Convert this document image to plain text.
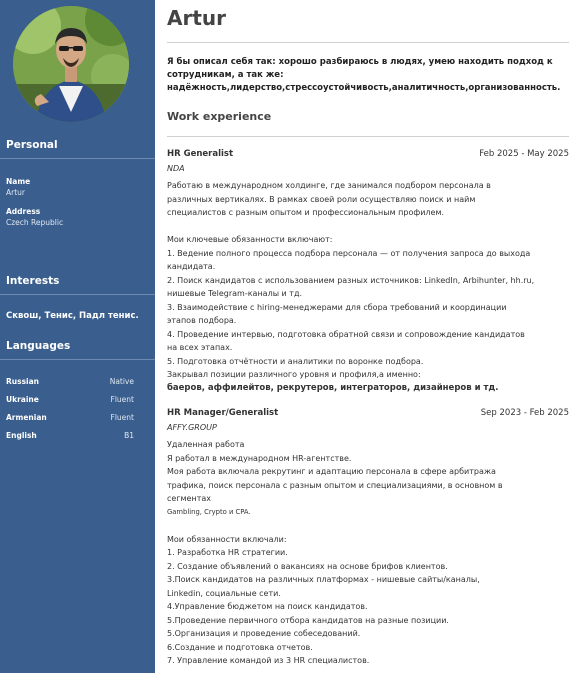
Personal
Name
Artur
Address
Czech Republic
Interests
Сквош, Тенис, Падл тенис.
Languages
Russian	Native
Ukraine	Fluent
Armenian	Fluent
English	B1
Artur
Я бы описал себя так: хорошо разбираюсь в людях, умею находить подход к
сотрудникам, а так же:
надёжность,лидерство,стрессоустойчивость,аналитичность,организованность.
Work experience
HR Generalist	Feb 2025 - May 2025
NDA
Работаю в международном холдинге, где занимался подбором персонала в
различных вертикалях. В рамках своей роли осуществляю поиск и найм
специалистов с разным опытом и профессиональным профилем.
Мои ключевые обязанности включают:
1. Ведение полного процесса подбора персонала — от получения запроса до выхода
кандидата.
2. Поиск кандидатов с использованием разных источников: LinkedIn, Arbihunter, hh.ru,
нишевые Telegram-каналы и тд.
3. Взаимодействие с hiring-менеджерами для сбора требований и координации
этапов подбора.
4. Проведение интервью, подготовка обратной связи и сопровождение кандидатов
на всех этапах.
5. Подготовка отчётности и аналитики по воронке подбора.
Закрывал позиции различного уровня и профиля,а именно:
баеров, аффилейтов, рекрутеров, интеграторов, дизайнеров и тд.
HR Manager/Generalist	Sep 2023 - Feb 2025
AFFY.GROUP
Удаленная работа
Я работал в международном HR-агентстве.
Моя работа включала рекрутинг и адаптацию персонала в сфере арбитража
трафика, поиск персонала с разным опытом и специализациями, в основном в
сегментах
Gambling, Crypto и CPA.
Мои обязанности включали:
1. Разработка HR стратегии.
2. Создание объявлений о вакансиях на основе брифов клиентов.
3.Поиск кандидатов на различных платформах - нишевые сайты/каналы,
Linkedin, социальные сети.
4.Управление бюджетом на поиск кандидатов.
5.Проведение первичного отбора кандидатов на разные позиции.
5.Организация и проведение собеседований.
6.Создание и подготовка отчетов.
7. Управление командой из 3 HR специалистов.
